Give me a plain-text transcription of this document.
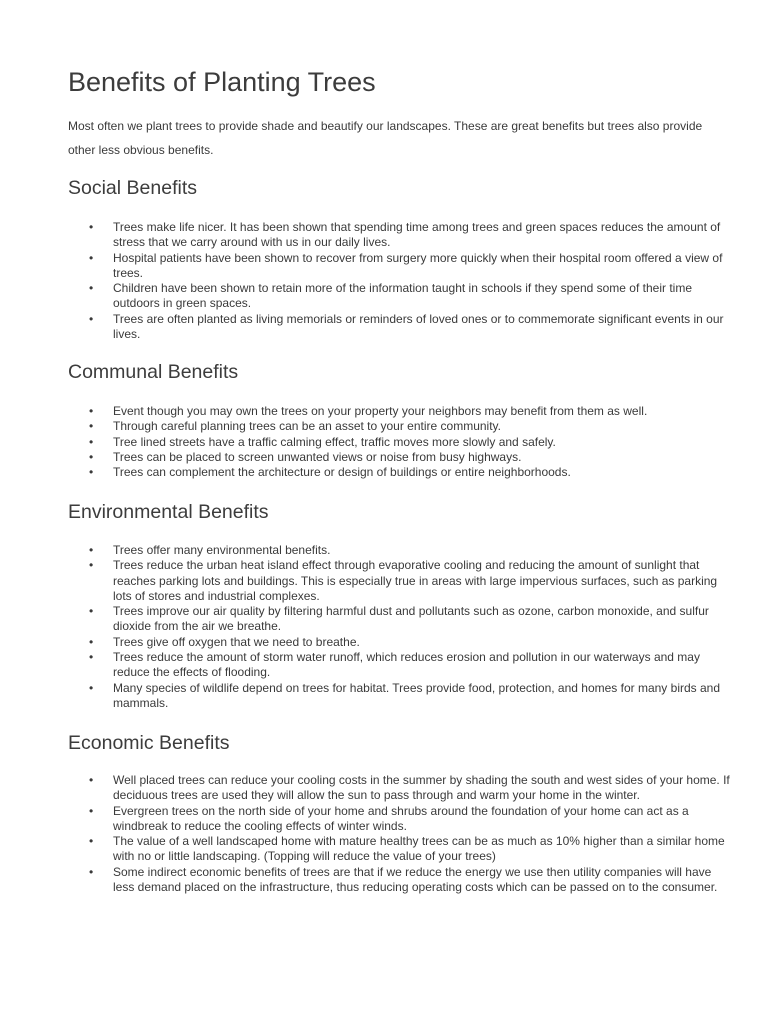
Benefits of Planting Trees

Most often we plant trees to provide shade and beautify our landscapes. These are great benefits but trees also provide other less obvious benefits.

Social Benefits
• Trees make life nicer. It has been shown that spending time among trees and green spaces reduces the amount of stress that we carry around with us in our daily lives.
• Hospital patients have been shown to recover from surgery more quickly when their hospital room offered a view of trees.
• Children have been shown to retain more of the information taught in schools if they spend some of their time outdoors in green spaces.
• Trees are often planted as living memorials or reminders of loved ones or to commemorate significant events in our lives.
Communal Benefits
• Event though you may own the trees on your property your neighbors may benefit from them as well.
• Through careful planning trees can be an asset to your entire community.
• Tree lined streets have a traffic calming effect, traffic moves more slowly and safely.
• Trees can be placed to screen unwanted views or noise from busy highways.
• Trees can complement the architecture or design of buildings or entire neighborhoods.
Environmental Benefits
• Trees offer many environmental benefits.
• Trees reduce the urban heat island effect through evaporative cooling and reducing the amount of sunlight that reaches parking lots and buildings. This is especially true in areas with large impervious surfaces, such as parking lots of stores and industrial complexes.
• Trees improve our air quality by filtering harmful dust and pollutants such as ozone, carbon monoxide, and sulfur dioxide from the air we breathe.
• Trees give off oxygen that we need to breathe.
• Trees reduce the amount of storm water runoff, which reduces erosion and pollution in our waterways and may reduce the effects of flooding.
• Many species of wildlife depend on trees for habitat. Trees provide food, protection, and homes for many birds and mammals.
Economic Benefits
• Well placed trees can reduce your cooling costs in the summer by shading the south and west sides of your home. If deciduous trees are used they will allow the sun to pass through and warm your home in the winter.
• Evergreen trees on the north side of your home and shrubs around the foundation of your home can act as a windbreak to reduce the cooling effects of winter winds.
• The value of a well landscaped home with mature healthy trees can be as much as 10% higher than a similar home with no or little landscaping. (Topping will reduce the value of your trees)
• Some indirect economic benefits of trees are that if we reduce the energy we use then utility companies will have less demand placed on the infrastructure, thus reducing operating costs which can be passed on to the consumer.
